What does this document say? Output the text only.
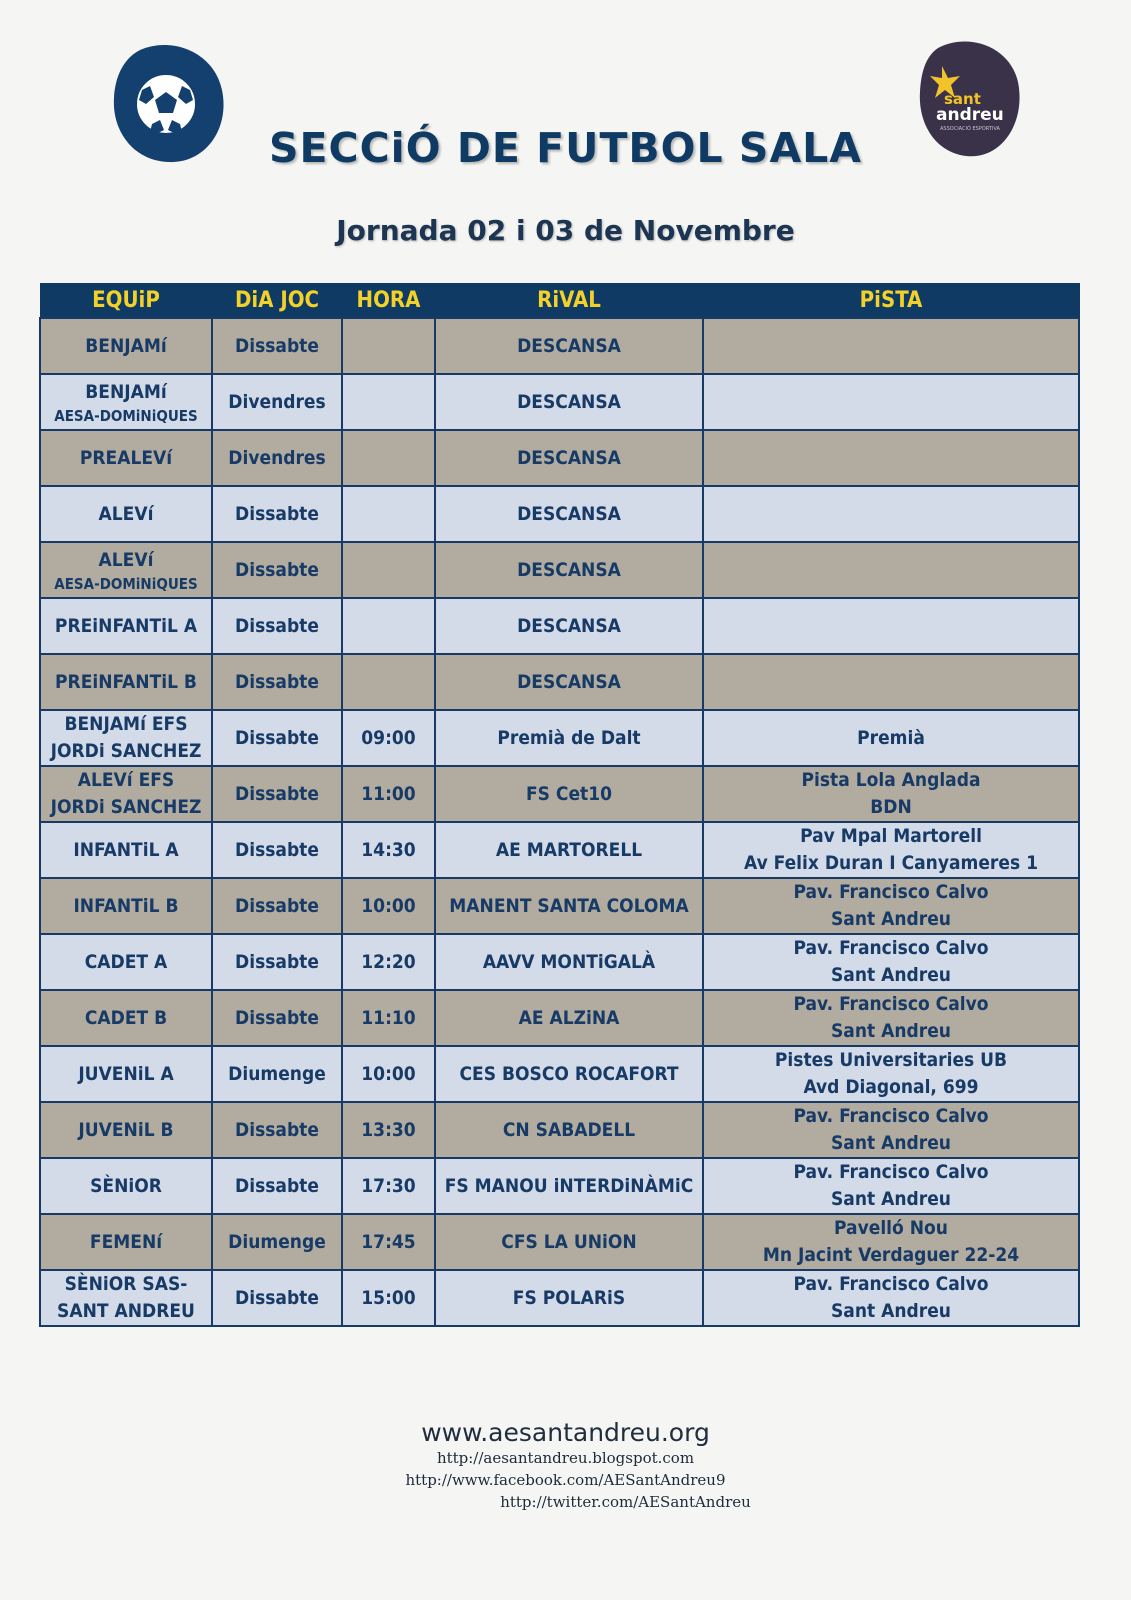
sant
andreu
ASSOCIACIÓ ESPORTIVA
SECCiÓ DE FUTBOL SALA
Jornada 02 i 03 de Novembre
EQUiP	DiA JOC	HORA	RiVAL	PiSTA

BENJAMí	Dissabte		DESCANSA	

BENJAMí
AESA-DOMiNiQUES	Divendres		DESCANSA	

PREALEVí	Divendres		DESCANSA	

ALEVí	Dissabte		DESCANSA	

ALEVí
AESA-DOMiNiQUES	Dissabte		DESCANSA	

PREiNFANTiL A	Dissabte		DESCANSA	

PREiNFANTiL B	Dissabte		DESCANSA	

BENJAMí EFS
JORDi SANCHEZ	Dissabte	09:00	Premià de Dalt	Premià

ALEVí EFS
JORDi SANCHEZ	Dissabte	11:00	FS Cet10	Pista Lola Anglada
BDN

INFANTiL A	Dissabte	14:30	AE MARTORELL	Pav Mpal Martorell
Av Felix Duran I Canyameres 1

INFANTiL B	Dissabte	10:00	MANENT SANTA COLOMA	Pav. Francisco Calvo
Sant Andreu

CADET A	Dissabte	12:20	AAVV MONTiGALÀ	Pav. Francisco Calvo
Sant Andreu

CADET B	Dissabte	11:10	AE ALZiNA	Pav. Francisco Calvo
Sant Andreu

JUVENiL A	Diumenge	10:00	CES BOSCO ROCAFORT	Pistes Universitaries UB
Avd Diagonal, 699

JUVENiL B	Dissabte	13:30	CN SABADELL	Pav. Francisco Calvo
Sant Andreu

SÈNiOR	Dissabte	17:30	FS MANOU iNTERDiNÀMiC	Pav. Francisco Calvo
Sant Andreu

FEMENí	Diumenge	17:45	CFS LA UNiON	Pavelló Nou
Mn Jacint Verdaguer 22-24

SÈNiOR SAS-
SANT ANDREU	Dissabte	15:00	FS POLARiS	Pav. Francisco Calvo
Sant Andreu
www.aesantandreu.org
http://aesantandreu.blogspot.com
http://www.facebook.com/AESantAndreu9
http://twitter.com/AESantAndreu
